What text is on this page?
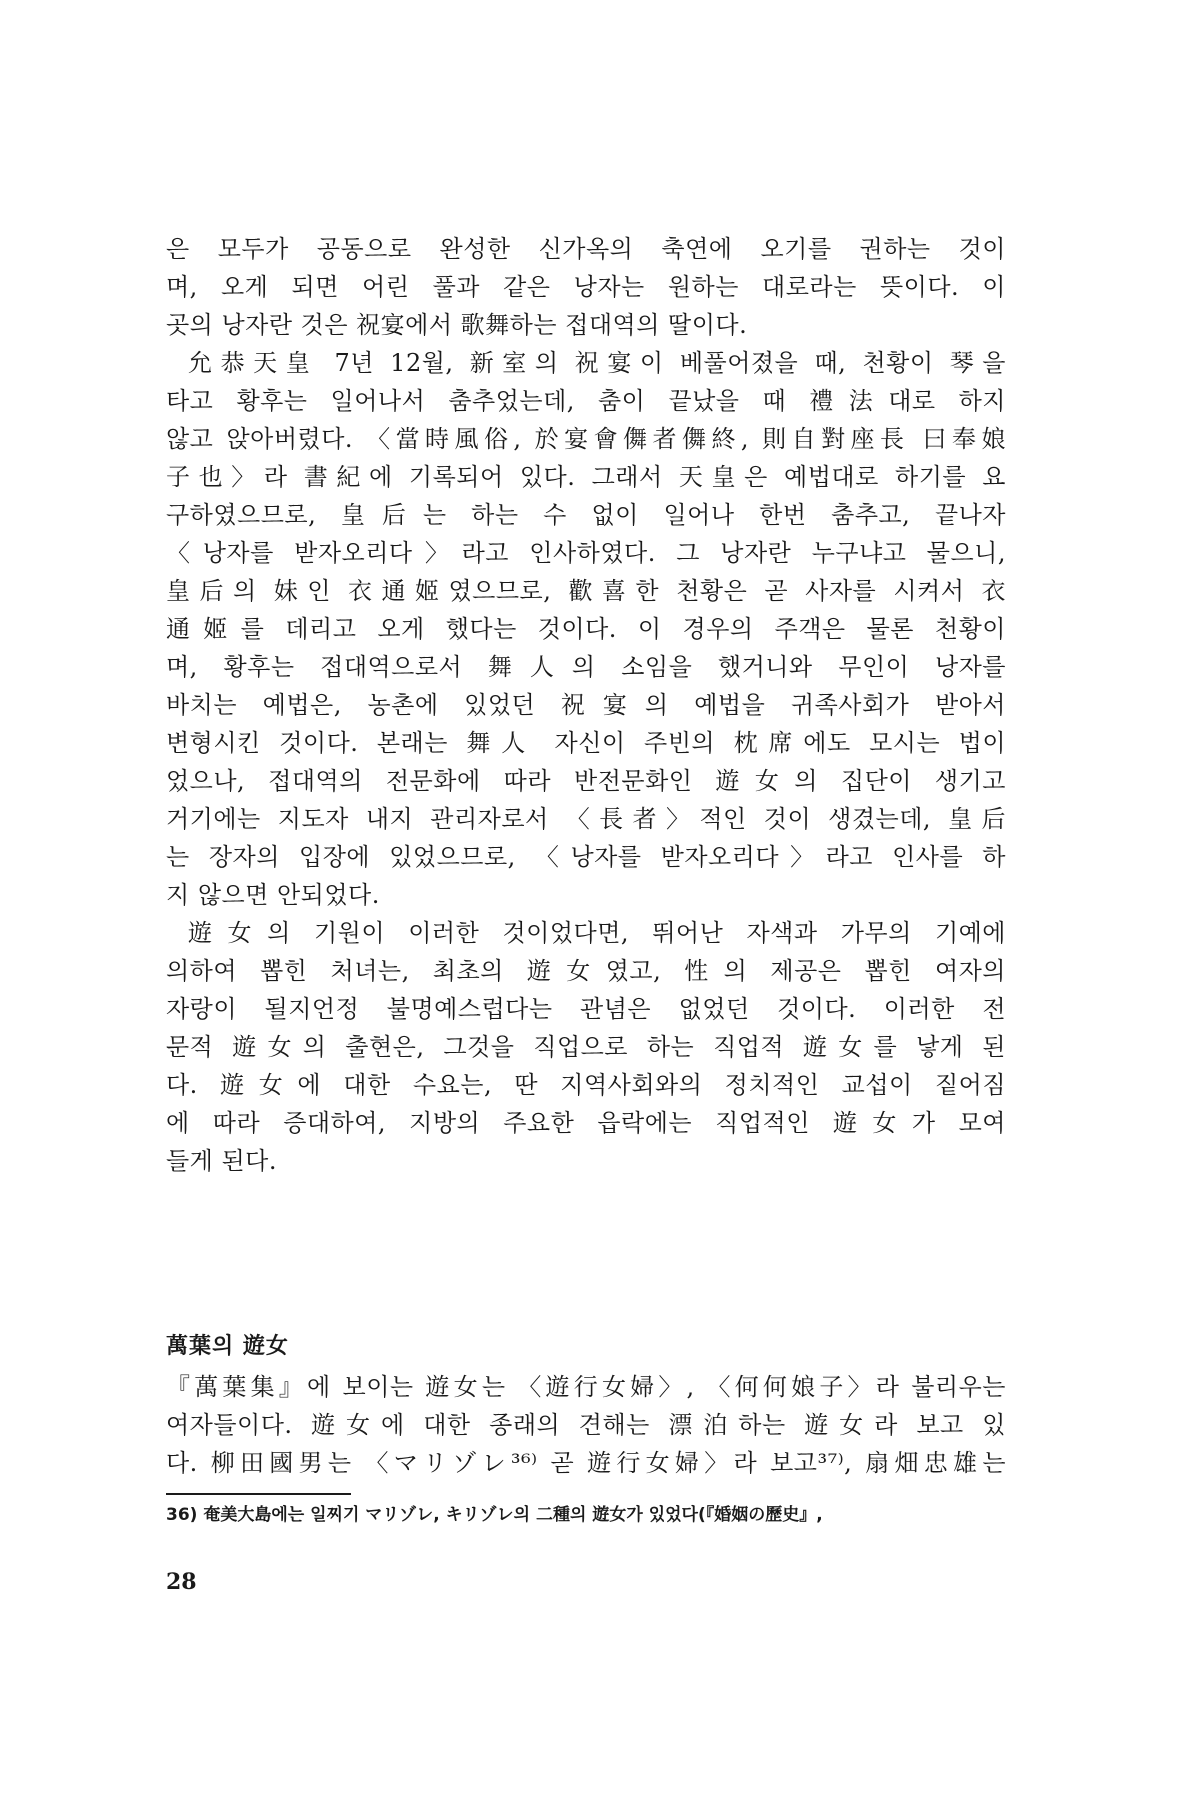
은 모두가 공동으로 완성한 신가옥의 축연에 오기를 권하는 것이
며, 오게 되면 어린 풀과 같은 낭자는 원하는 대로라는 뜻이다. 이
곳의 낭자란 것은 祝宴에서 歌舞하는 접대역의 딸이다.
允恭天皇 7년 12월, 新室의 祝宴이 베풀어졌을 때, 천황이 琴을
타고 황후는 일어나서 춤추었는데, 춤이 끝났을 때 禮法대로 하지
않고 앉아버렸다. 〈當時風俗, 於宴會儛者儛終, 則自對座長 曰奉娘
子也〉라 書紀에 기록되어 있다. 그래서 天皇은 예법대로 하기를 요
구하였으므로, 皇后는 하는 수 없이 일어나 한번 춤추고, 끝나자
〈낭자를 받자오리다〉라고 인사하였다. 그 낭자란 누구냐고 물으니,
皇后의 妹인 衣通姬였으므로, 歡喜한 천황은 곧 사자를 시켜서 衣
通姬를 데리고 오게 했다는 것이다. 이 경우의 주객은 물론 천황이
며, 황후는 접대역으로서 舞人의 소임을 했거니와 무인이 낭자를
바치는 예법은, 농촌에 있었던 祝宴의 예법을 귀족사회가 받아서
변형시킨 것이다. 본래는 舞人 자신이 주빈의 枕席에도 모시는 법이
었으나, 접대역의 전문화에 따라 반전문화인 遊女의 집단이 생기고
거기에는 지도자 내지 관리자로서 〈長者〉적인 것이 생겼는데, 皇后
는 장자의 입장에 있었으므로, 〈낭자를 받자오리다〉라고 인사를 하
지 않으면 안되었다.
遊女의 기원이 이러한 것이었다면, 뛰어난 자색과 가무의 기예에
의하여 뽑힌 처녀는, 최초의 遊女였고, 性의 제공은 뽑힌 여자의
자랑이 될지언정 불명예스럽다는 관념은 없었던 것이다. 이러한 전
문적 遊女의 출현은, 그것을 직업으로 하는 직업적 遊女를 낳게 된
다. 遊女에 대한 수요는, 딴 지역사회와의 정치적인 교섭이 짙어짐
에 따라 증대하여, 지방의 주요한 읍락에는 직업적인 遊女가 모여
들게 된다.
萬葉의 遊女
『萬葉集』에 보이는 遊女는 〈遊行女婦〉, 〈何何娘子〉라 불리우는
여자들이다. 遊女에 대한 종래의 견해는 漂泊하는 遊女라 보고 있
다. 柳田國男는 〈マリゾレ³⁶⁾ 곧 遊行女婦〉라 보고³⁷⁾, 扇畑忠雄는
36) 奄美大島에는 일찌기 マリゾレ, キリゾレ의 二種의 遊女가 있었다(『婚姻の歷史』,
28
